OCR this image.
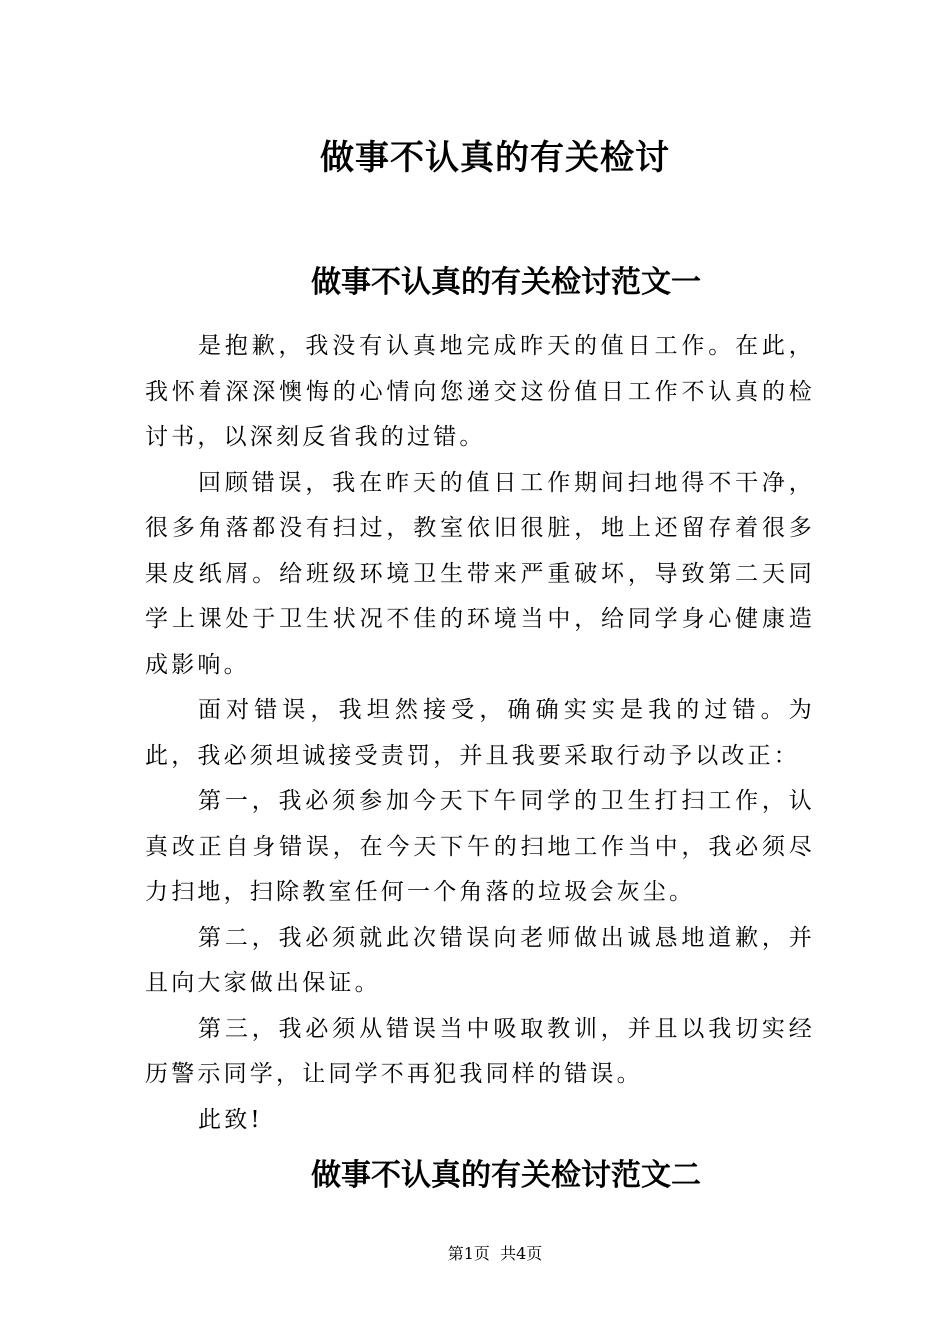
做事不认真的有关检讨
做事不认真的有关检讨范文一

是抱歉，我没有认真地完成昨天的值日工作。在此，我怀着深深懊悔的心情向您递交这份值日工作不认真的检讨书，以深刻反省我的过错。

回顾错误，我在昨天的值日工作期间扫地得不干净，很多角落都没有扫过，教室依旧很脏，地上还留存着很多果皮纸屑。给班级环境卫生带来严重破坏，导致第二天同学上课处于卫生状况不佳的环境当中，给同学身心健康造成影响。

面对错误，我坦然接受，确确实实是我的过错。为此，我必须坦诚接受责罚，并且我要采取行动予以改正：

第一，我必须参加今天下午同学的卫生打扫工作，认真改正自身错误，在今天下午的扫地工作当中，我必须尽力扫地，扫除教室任何一个角落的垃圾会灰尘。

第二，我必须就此次错误向老师做出诚恳地道歉，并且向大家做出保证。

第三，我必须从错误当中吸取教训，并且以我切实经历警示同学，让同学不再犯我同样的错误。

此致!

做事不认真的有关检讨范文二
第1页  共4页
